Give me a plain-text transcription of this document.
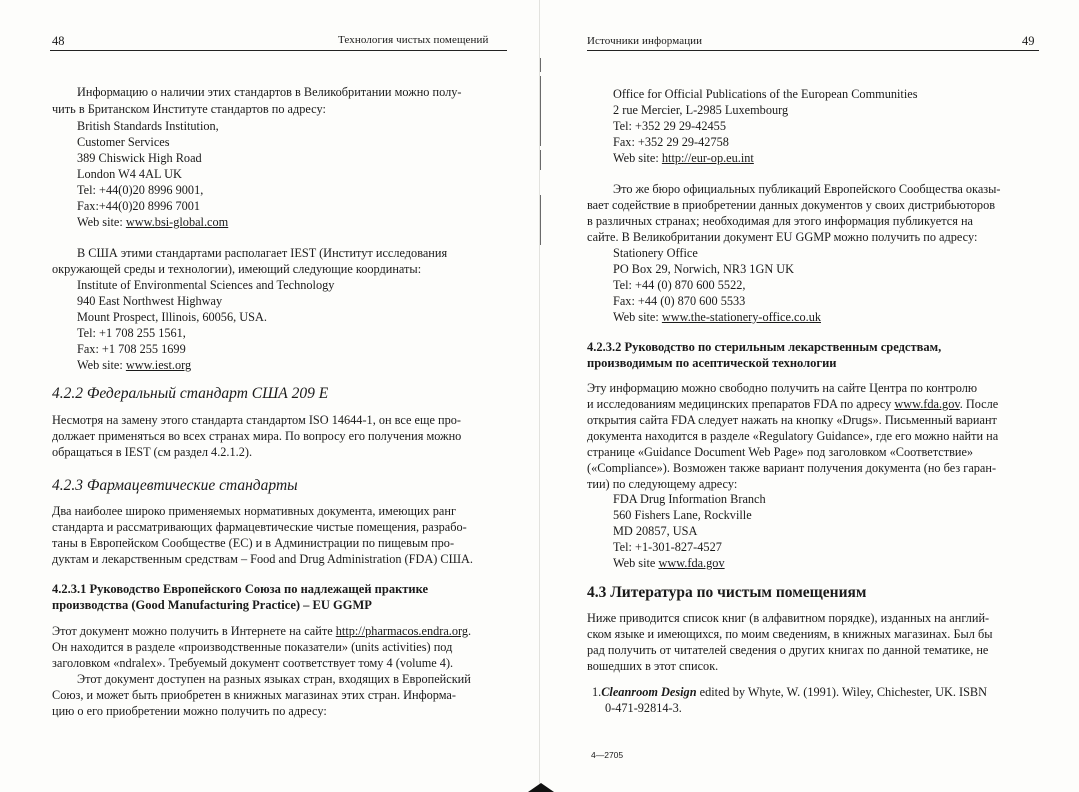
48	Технология чистых помещений
Информацию о наличии этих стандартов в Великобритании можно полу-
чить в Британском Институте стандартов по адресу:
British Standards Institution,
Customer Services
389 Chiswick High Road
London W4 4AL UK
Tel: +44(0)20 8996 9001,
Fax:+44(0)20 8996 7001
Web site: www.bsi-global.com
В США этими стандартами располагает IEST (Институт исследования
окружающей среды и технологии), имеющий следующие координаты:
Institute of Environmental Sciences and Technology
940 East Northwest Highway
Mount Prospect, Illinois, 60056, USA.
Tel: +1 708 255 1561,
Fax: +1 708 255 1699
Web site: www.iest.org
4.2.2 Федеральный стандарт США 209 Е
Несмотря на замену этого стандарта стандартом ISO 14644-1, он все еще про-
должает применяться во всех странах мира. По вопросу его получения можно
обращаться в IEST (см раздел 4.2.1.2).
4.2.3 Фармацевтические стандарты
Два наиболее широко применяемых нормативных документа, имеющих ранг
стандарта и рассматривающих фармацевтические чистые помещения, разрабо-
таны в Европейском Сообществе (ЕС) и в Администрации по пищевым про-
дуктам и лекарственным средствам – Food and Drug Administration (FDA) США.
4.2.3.1 Руководство Европейского Союза по надлежащей практике
производства (Good Manufacturing Practice) – EU GGMP
Этот документ можно получить в Интернете на сайте http://pharmacos.endra.org.
Он находится в разделе «производственные показатели» (units activities) под
заголовком «ndralex». Требуемый документ соответствует тому 4 (volume 4).
Этот документ доступен на разных языках стран, входящих в Европейский
Союз, и может быть приобретен в книжных магазинах этих стран. Информа-
цию о его приобретении можно получить по адресу:
Источники информации	49
Office for Official Publications of the European Communities
2 rue Mercier, L-2985 Luxembourg
Tel: +352 29 29-42455
Fax: +352 29 29-42758
Web site: http://eur-op.eu.int
Это же бюро официальных публикаций Европейского Сообщества оказы-
вает содействие в приобретении данных документов у своих дистрибьюторов
в различных странах; необходимая для этого информация публикуется на
сайте. В Великобритании документ EU GGMP можно получить по адресу:
Stationery Office
PO Box 29, Norwich, NR3 1GN UK
Tel: +44 (0) 870 600 5522,
Fax: +44 (0) 870 600 5533
Web site: www.the-stationery-office.co.uk
4.2.3.2 Руководство по стерильным лекарственным средствам,
производимым по асептической технологии
Эту информацию можно свободно получить на сайте Центра по контролю
и исследованиям медицинских препаратов FDA по адресу www.fda.gov. После
открытия сайта FDA следует нажать на кнопку «Drugs». Письменный вариант
документа находится в разделе «Regulatory Guidance», где его можно найти на
странице «Guidance Document Web Page» под заголовком «Соответствие»
(«Compliance»). Возможен также вариант получения документа (но без гаран-
тии) по следующему адресу:
FDA Drug Information Branch
560 Fishers Lane, Rockville
MD 20857, USA
Tel: +1-301-827-4527
Web site www.fda.gov
4.3 Литература по чистым помещениям
Ниже приводится список книг (в алфавитном порядке), изданных на англий-
ском языке и имеющихся, по моим сведениям, в книжных магазинах. Был бы
рад получить от читателей сведения о других книгах по данной тематике, не
вошедших в этот список.
1.Cleanroom Design edited by Whyte, W. (1991). Wiley, Chichester, UK. ISBN
0-471-92814-3.
4—2705
